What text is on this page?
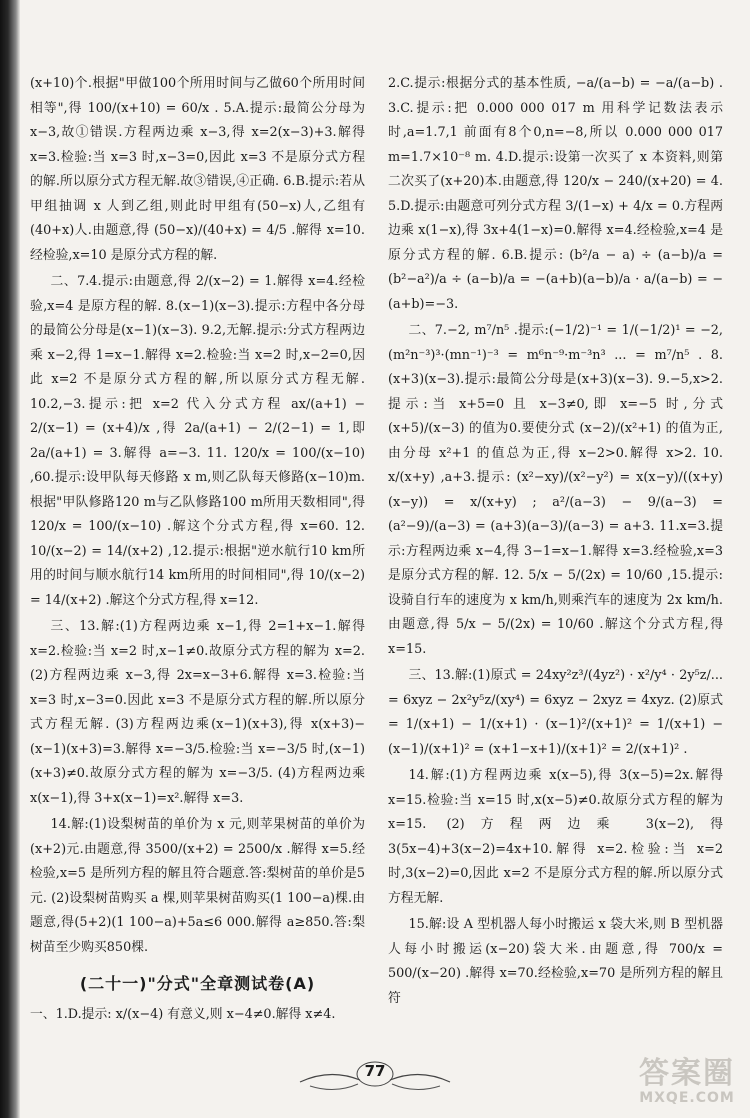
(x+10)个.根据"甲做100个所用时间与乙做60个所用时间相等",得 100/(x+10) = 60/x . 5.A.提示:最简公分母为x−3,故①错误.方程两边乘 x−3,得 x=2(x−3)+3.解得 x=3.检验:当 x=3 时,x−3=0,因此 x=3 不是原分式方程的解.所以原分式方程无解.故③错误,④正确. 6.B.提示:若从甲组抽调 x 人到乙组,则此时甲组有(50−x)人,乙组有(40+x)人.由题意,得 (50−x)/(40+x) = 4/5 .解得 x=10.经检验,x=10 是原分式方程的解.
二、7.4.提示:由题意,得 2/(x−2) = 1.解得 x=4.经检验,x=4 是原方程的解. 8.(x−1)(x−3).提示:方程中各分母的最简公分母是(x−1)(x−3). 9.2,无解.提示:分式方程两边乘 x−2,得 1=x−1.解得 x=2.检验:当 x=2 时,x−2=0,因此 x=2 不是原分式方程的解,所以原分式方程无解. 10.2,−3.提示:把 x=2 代入分式方程 ax/(a+1) − 2/(x−1) = (x+4)/x ,得 2a/(a+1) − 2/(2−1) = 1,即 2a/(a+1) = 3.解得 a=−3. 11. 120/x = 100/(x−10) ,60.提示:设甲队每天修路 x m,则乙队每天修路(x−10)m.根据"甲队修路120 m与乙队修路100 m所用天数相同",得 120/x = 100/(x−10) .解这个分式方程,得 x=60. 12. 10/(x−2) = 14/(x+2) ,12.提示:根据"逆水航行10 km所用的时间与顺水航行14 km所用的时间相同",得 10/(x−2) = 14/(x+2) .解这个分式方程,得 x=12.
三、13.解:(1)方程两边乘 x−1,得 2=1+x−1.解得 x=2.检验:当 x=2 时,x−1≠0.故原分式方程的解为 x=2. (2)方程两边乘 x−3,得 2x=x−3+6.解得 x=3.检验:当 x=3 时,x−3=0.因此 x=3 不是原分式方程的解.所以原分式方程无解. (3)方程两边乘(x−1)(x+3),得 x(x+3)−(x−1)(x+3)=3.解得 x=−3/5.检验:当 x=−3/5 时,(x−1)(x+3)≠0.故原分式方程的解为 x=−3/5. (4)方程两边乘 x(x−1),得 3+x(x−1)=x².解得 x=3.
14.解:(1)设梨树苗的单价为 x 元,则苹果树苗的单价为(x+2)元.由题意,得 3500/(x+2) = 2500/x .解得 x=5.经检验,x=5 是所列方程的解且符合题意.答:梨树苗的单价是5元. (2)设梨树苗购买 a 棵,则苹果树苗购买(1 100−a)棵.由题意,得(5+2)(1 100−a)+5a≤6 000.解得 a≥850.答:梨树苗至少购买850棵.
(二十一)"分式"全章测试卷(A)
一、1.D.提示: x/(x−4) 有意义,则 x−4≠0.解得 x≠4.
2.C.提示:根据分式的基本性质, −a/(a−b) = −a/(a−b) . 3.C.提示:把 0.000 000 017 m 用科学记数法表示时,a=1.7,1 前面有8个0,n=−8,所以 0.000 000 017 m=1.7×10⁻⁸ m. 4.D.提示:设第一次买了 x 本资料,则第二次买了(x+20)本.由题意,得 120/x − 240/(x+20) = 4. 5.D.提示:由题意可列分式方程 3/(1−x) + 4/x = 0.方程两边乘 x(1−x),得 3x+4(1−x)=0.解得 x=4.经检验,x=4 是原分式方程的解. 6.B.提示: (b²/a − a) ÷ (a−b)/a = (b²−a²)/a ÷ (a−b)/a = −(a+b)(a−b)/a · a/(a−b) = −(a+b)=−3.
二、7.−2, m⁷/n⁵ .提示:(−1/2)⁻¹ = 1/(−1/2)¹ = −2,(m²n⁻³)³·(mn⁻¹)⁻³ = m⁶n⁻⁹·m⁻³n³ ... = m⁷/n⁵ . 8.(x+3)(x−3).提示:最简公分母是(x+3)(x−3). 9.−5,x>2.提示:当 x+5=0 且 x−3≠0,即 x=−5 时,分式 (x+5)/(x−3) 的值为0.要使分式 (x−2)/(x²+1) 的值为正,由分母 x²+1 的值总为正,得 x−2>0.解得 x>2. 10. x/(x+y) ,a+3.提示: (x²−xy)/(x²−y²) = x(x−y)/((x+y)(x−y)) = x/(x+y) ; a²/(a−3) − 9/(a−3) = (a²−9)/(a−3) = (a+3)(a−3)/(a−3) = a+3. 11.x=3.提示:方程两边乘 x−4,得 3−1=x−1.解得 x=3.经检验,x=3 是原分式方程的解. 12. 5/x − 5/(2x) = 10/60 ,15.提示:设骑自行车的速度为 x km/h,则乘汽车的速度为 2x km/h.由题意,得 5/x − 5/(2x) = 10/60 .解这个分式方程,得 x=15.
三、13.解:(1)原式 = 24xy²z³/(4yz²) · x²/y⁴ · 2y⁵z/... = 6xyz − 2x²y⁵z/(xy⁴) = 6xyz − 2xyz = 4xyz. (2)原式 = 1/(x+1) − 1/(x+1) · (x−1)²/(x+1)² = 1/(x+1) − (x−1)/(x+1)² = (x+1−x+1)/(x+1)² = 2/(x+1)² .
14.解:(1)方程两边乘 x(x−5),得 3(x−5)=2x.解得 x=15.检验:当 x=15 时,x(x−5)≠0.故原分式方程的解为 x=15. (2)方程两边乘 3(x−2),得 3(5x−4)+3(x−2)=4x+10.解得 x=2.检验:当 x=2 时,3(x−2)=0,因此 x=2 不是原分式方程的解.所以原分式方程无解.
15.解:设 A 型机器人每小时搬运 x 袋大米,则 B 型机器人每小时搬运(x−20)袋大米.由题意,得 700/x = 500/(x−20) .解得 x=70.经检验,x=70 是所列方程的解且符
77	答案圈
MXQE.COM
